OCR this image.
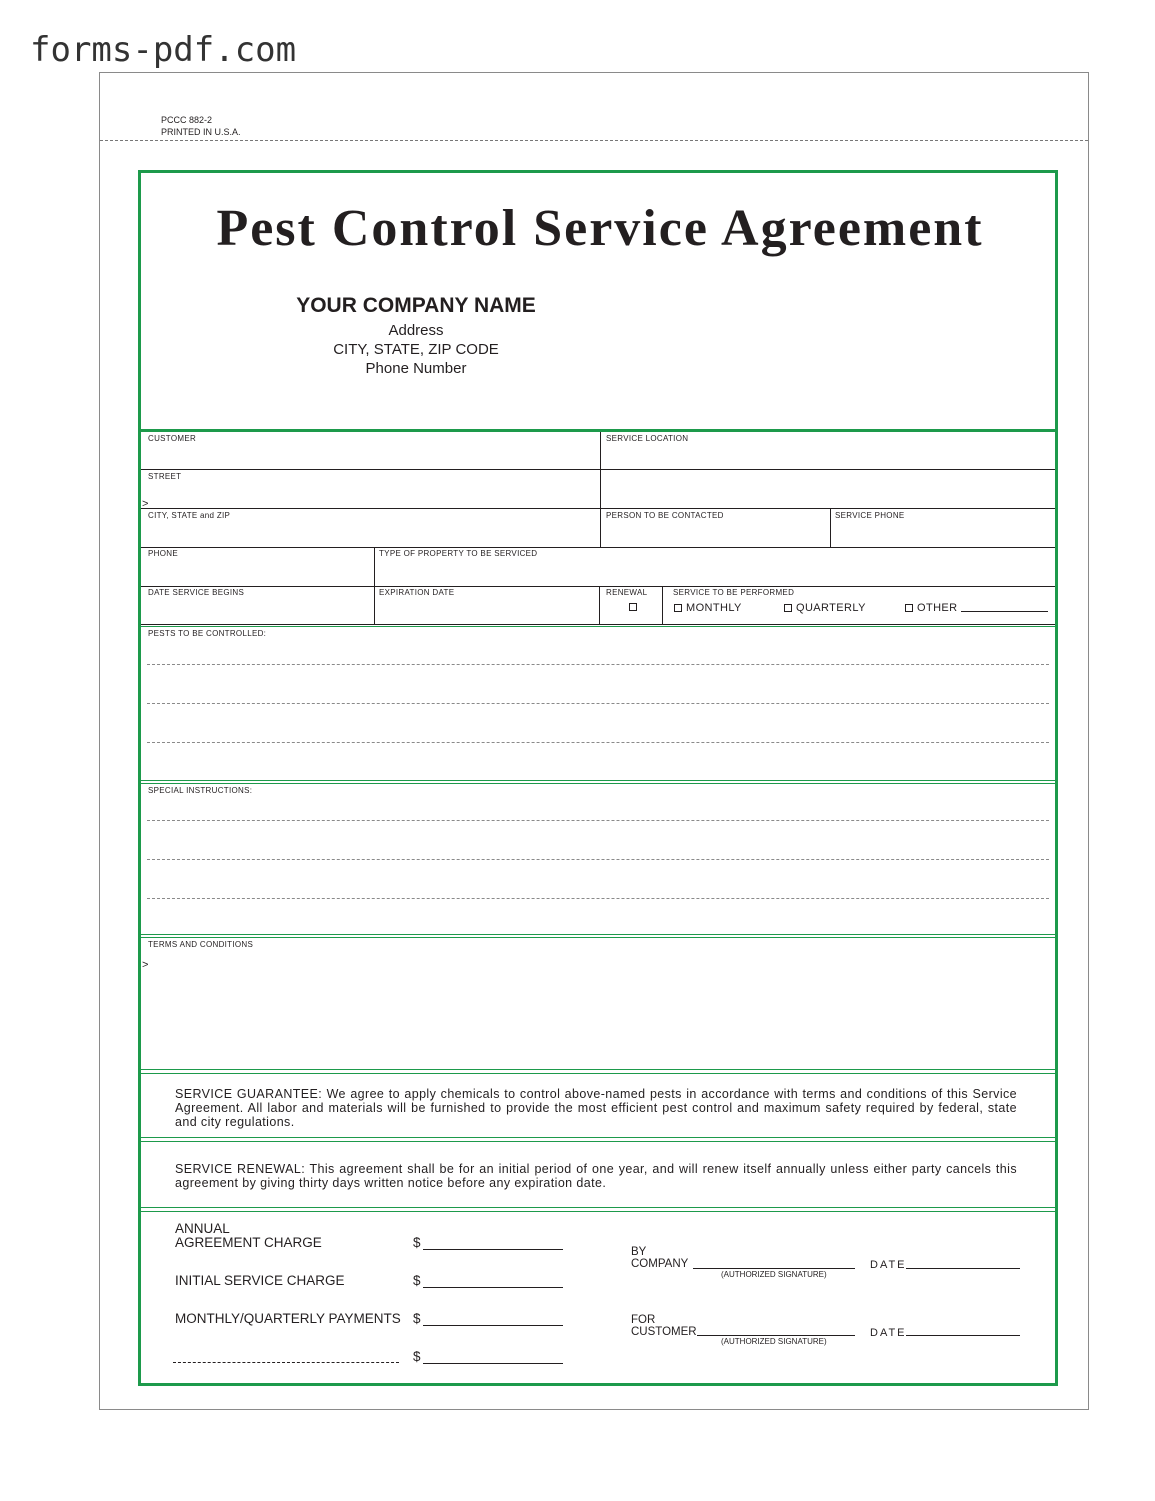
forms-pdf.com
PCCC 882-2
PRINTED IN U.S.A.
Pest Control Service Agreement
YOUR COMPANY NAME
Address
CITY, STATE, ZIP CODE
Phone Number
CUSTOMER	SERVICE LOCATION
STREET
>
CITY, STATE and ZIP	PERSON TO BE CONTACTED	SERVICE PHONE
PHONE	TYPE OF PROPERTY TO BE SERVICED
DATE SERVICE BEGINS	EXPIRATION DATE	RENEWAL	SERVICE TO BE PERFORMED
MONTHLY	QUARTERLY	OTHER
PESTS TO BE CONTROLLED:
SPECIAL INSTRUCTIONS:
TERMS AND CONDITIONS
>
SERVICE GUARANTEE: We agree to apply chemicals to control above-named pests in accordance with terms and conditions of this Service Agreement. All labor and materials will be furnished to provide the most efficient pest control and maximum safety required by federal, state and city regulations.
SERVICE RENEWAL: This agreement shall be for an initial period of one year, and will renew itself annually unless either party cancels this agreement by giving thirty days written notice before any expiration date.
ANNUAL
AGREEMENT CHARGE	$
INITIAL SERVICE CHARGE	$
MONTHLY/QUARTERLY PAYMENTS $
$
BY
COMPANY
(AUTHORIZED SIGNATURE)
DATE
FOR
CUSTOMER
(AUTHORIZED SIGNATURE)
DATE
